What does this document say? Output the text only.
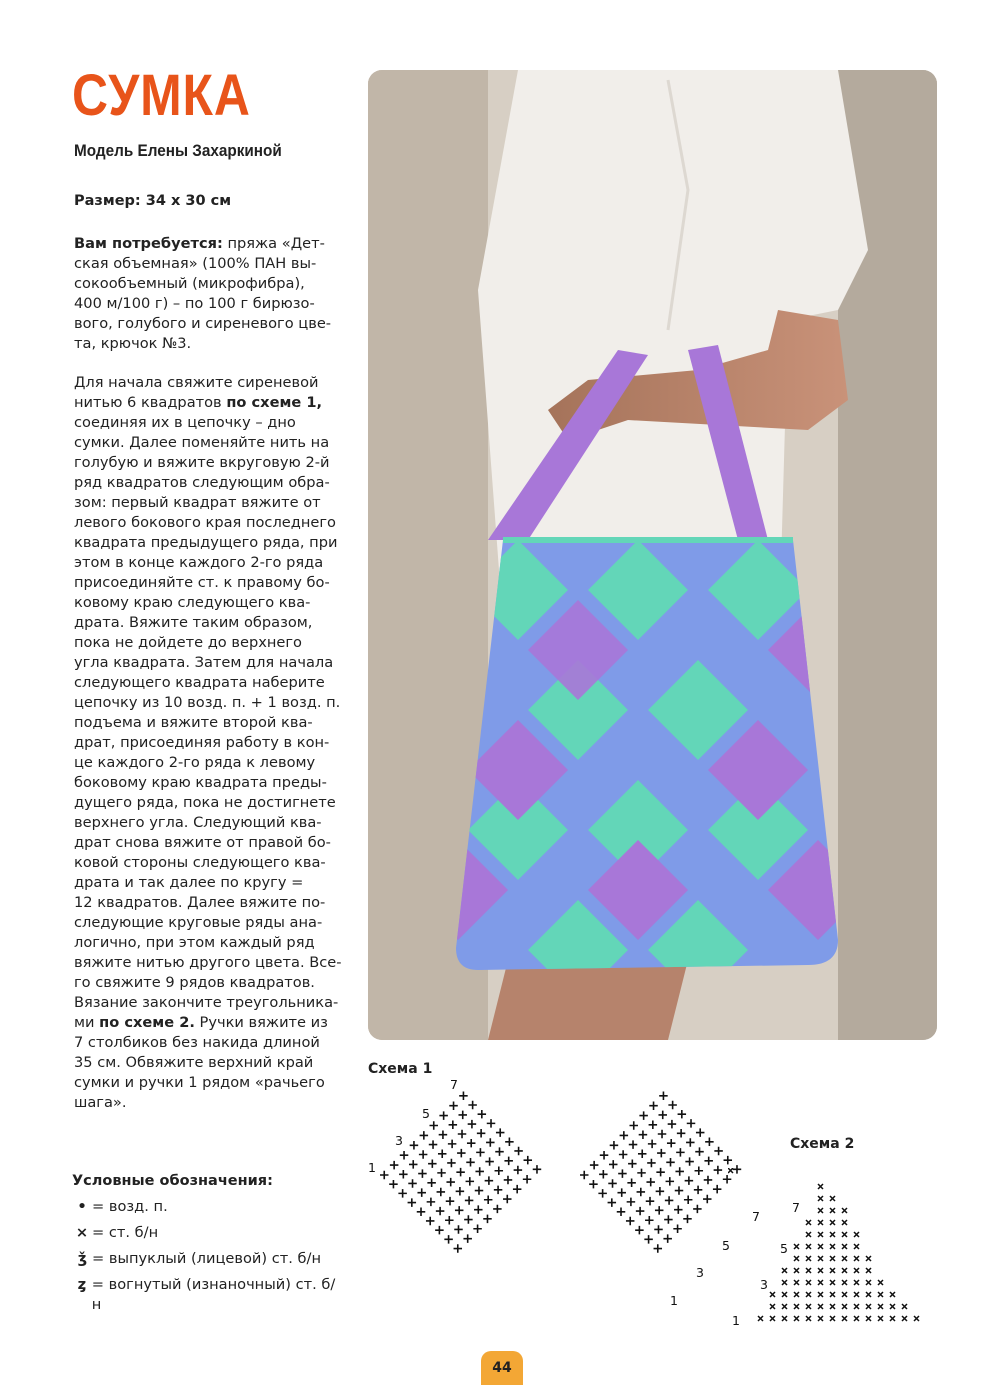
СУМКА
Модель Елены Захаркиной
Размер: 34 х 30 см

Вам потребуется: пряжа «Дет-
ская объемная» (100% ПАН вы-
сокообъемный (микрофибра),
400 м/100 г) – по 100 г бирюзо-
вого, голубого и сиреневого цве-
та, крючок №3.

Для начала свяжите сиреневой
нитью 6 квадратов по схеме 1,
соединяя их в цепочку – дно
сумки. Далее поменяйте нить на
голубую и вяжите вкруговую 2-й
ряд квадратов следующим обра-
зом: первый квадрат вяжите от
левого бокового края последнего
квадрата предыдущего ряда, при
этом в конце каждого 2-го ряда
присоединяйте ст. к правому бо-
ковому краю следующего ква-
драта. Вяжите таким образом,
пока не дойдете до верхнего
угла квадрата. Затем для начала
следующего квадрата наберите
цепочку из 10 возд. п. + 1 возд. п.
подъема и вяжите второй ква-
драт, присоединяя работу в кон-
це каждого 2-го ряда к левому
боковому краю квадрата преды-
дущего ряда, пока не достигнете
верхнего угла. Следующий ква-
драт снова вяжите от правой бо-
ковой стороны следующего ква-
драта и так далее по кругу =
12 квадратов. Далее вяжите по-
следующие круговые ряды ана-
логично, при этом каждый ряд
вяжите нитью другого цвета. Все-
го свяжите 9 рядов квадратов.
Вязание закончите треугольника-
ми по схеме 2. Ручки вяжите из
7 столбиков без накида длиной
35 см. Обвяжите верхний край
сумки и ручки 1 рядом «рачьего
шага».

Схема 1
1
3
5
7
1
3
5
7
Схема 2
1
3
5
7
Условные обозначения:
• = возд. п.
× = ст. б/н
ǯ = выпуклый (лицевой) ст. б/н
ȥ = вогнутый (изнаночный) ст. б/н
44
